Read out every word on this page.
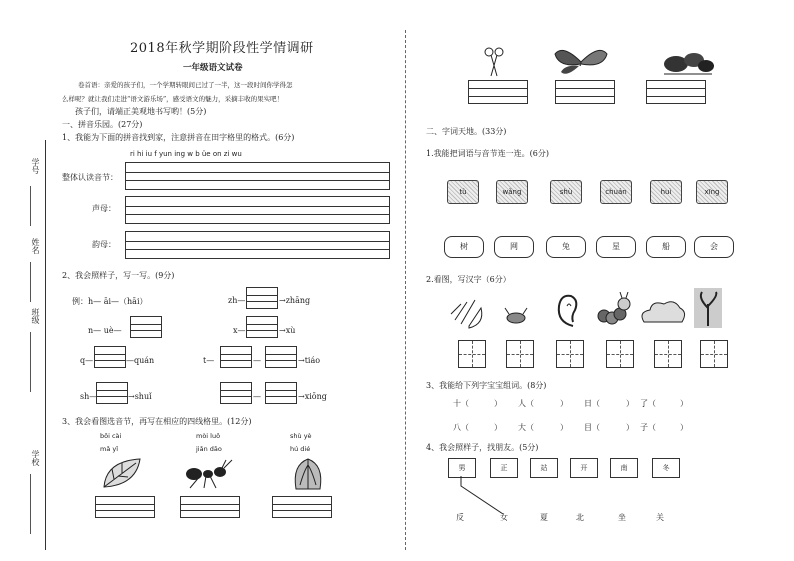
学号
姓名
班级
学校
2018年秋学期阶段性学情调研
一年级语文试卷
卷首语：亲爱的孩子们，一个学期转眼间已过了一半，这一段时间你学得怎
么样呢？就让我们走进“语文游乐场”，感受语文的魅力，采摘丰收的果实吧！
孩子们，请端正美观地书写哟！(5分)
一、拼音乐园。(27分)
1、我能为下面的拼音找到家，注意拼音在田字格里的格式。(6分)
ri hi iu f yun ing w b üe on zi wu
整体认读音节：
声母：
韵母：
2、我会照样子，写一写。(9分)
例：h— āi—（hāi）	zh—	→zhāng
n— uè—	x—	→xù
q—	—quán	t—	—	→tiáo
sh—	→shuǐ	—	→xiōng
3、我会看图选音节，再写在相应的四线格里。(12分)
bōi cài
mǎ yǐ
mòi luǒ
jiǎn dāo
shù yè
hú dié
二、字词天地。(33分)
1.我能把词语与音节连一连。(6分)
tù	wǎng	shù	chuán	huì	xīng
树	网	兔	星	船	会
2.看图，写汉字（6分）
3、我能给下列字宝宝组词。(8分)
十（	） 人（	） 日（	） 了（	）
八（	） 大（	） 目（	） 子（	）
4、我会照样子，找朋友。(5分)
男	正	站	开	南	冬
反	女	夏	北	坐	关
